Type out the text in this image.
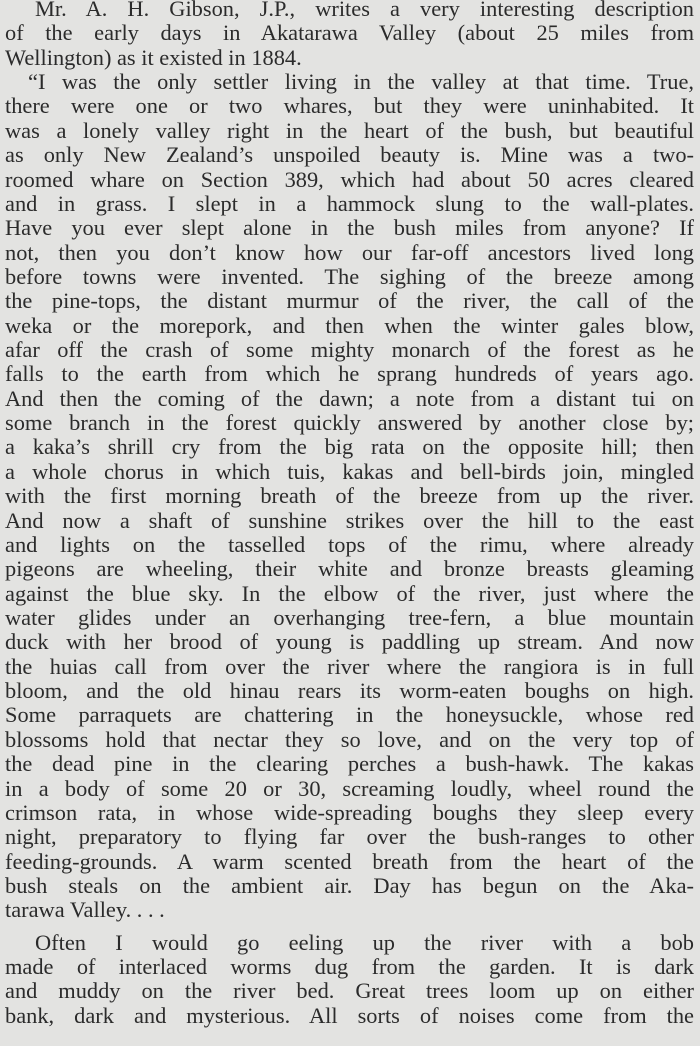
Mr. A. H. Gibson, J.P., writes a very interesting description
of the early days in Akatarawa Valley (about 25 miles from
Wellington) as it existed in 1884.
“I was the only settler living in the valley at that time. True,
there were one or two whares, but they were uninhabited. It
was a lonely valley right in the heart of the bush, but beautiful
as only New Zealand’s unspoiled beauty is. Mine was a two-
roomed whare on Section 389, which had about 50 acres cleared
and in grass. I slept in a hammock slung to the wall-plates.
Have you ever slept alone in the bush miles from anyone? If
not, then you don’t know how our far-off ancestors lived long
before towns were invented. The sighing of the breeze among
the pine-tops, the distant murmur of the river, the call of the
weka or the morepork, and then when the winter gales blow,
afar off the crash of some mighty monarch of the forest as he
falls to the earth from which he sprang hundreds of years ago.
And then the coming of the dawn; a note from a distant tui on
some branch in the forest quickly answered by another close by;
a kaka’s shrill cry from the big rata on the opposite hill; then
a whole chorus in which tuis, kakas and bell-birds join, mingled
with the first morning breath of the breeze from up the river.
And now a shaft of sunshine strikes over the hill to the east
and lights on the tasselled tops of the rimu, where already
pigeons are wheeling, their white and bronze breasts gleaming
against the blue sky. In the elbow of the river, just where the
water glides under an overhanging tree-fern, a blue mountain
duck with her brood of young is paddling up stream. And now
the huias call from over the river where the rangiora is in full
bloom, and the old hinau rears its worm-eaten boughs on high.
Some parraquets are chattering in the honeysuckle, whose red
blossoms hold that nectar they so love, and on the very top of
the dead pine in the clearing perches a bush-hawk. The kakas
in a body of some 20 or 30, screaming loudly, wheel round the
crimson rata, in whose wide-spreading boughs they sleep every
night, preparatory to flying far over the bush-ranges to other
feeding-grounds. A warm scented breath from the heart of the
bush steals on the ambient air. Day has begun on the Aka-
tarawa Valley. . . .
Often I would go eeling up the river with a bob
made of interlaced worms dug from the garden. It is dark
and muddy on the river bed. Great trees loom up on either
bank, dark and mysterious. All sorts of noises come from the
